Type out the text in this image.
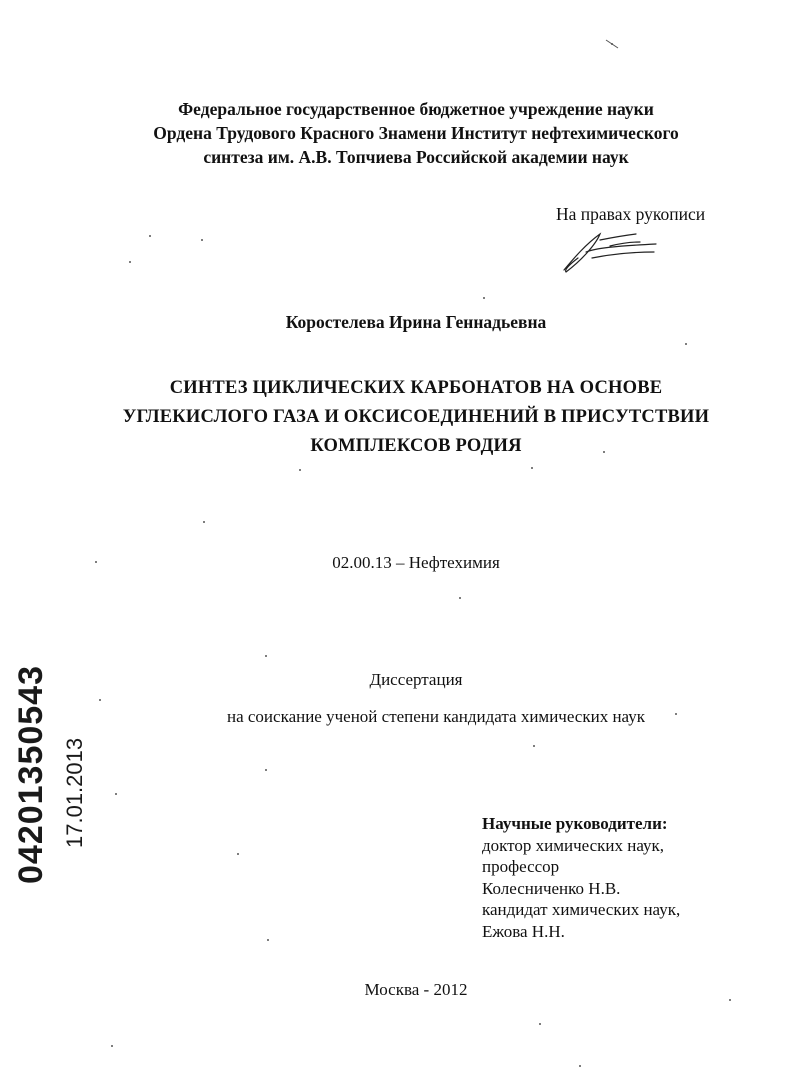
Федеральное государственное бюджетное учреждение науки
Ордена Трудового Красного Знамени Институт нефтехимического
синтеза им. А.В. Топчиева Российской академии наук
На правах рукописи
Коростелева Ирина Геннадьевна
СИНТЕЗ ЦИКЛИЧЕСКИХ КАРБОНАТОВ НА ОСНОВЕ
УГЛЕКИСЛОГО ГАЗА И ОКСИСОЕДИНЕНИЙ В ПРИСУТСТВИИ
КОМПЛЕКСОВ РОДИЯ
02.00.13 – Нефтехимия
Диссертация
на соискание ученой степени кандидата химических наук
Научные руководители:
доктор химических наук,
профессор
Колесниченко Н.В.
кандидат химических наук,
Ежова Н.Н.
Москва - 2012
04201350543 17.01.2013
